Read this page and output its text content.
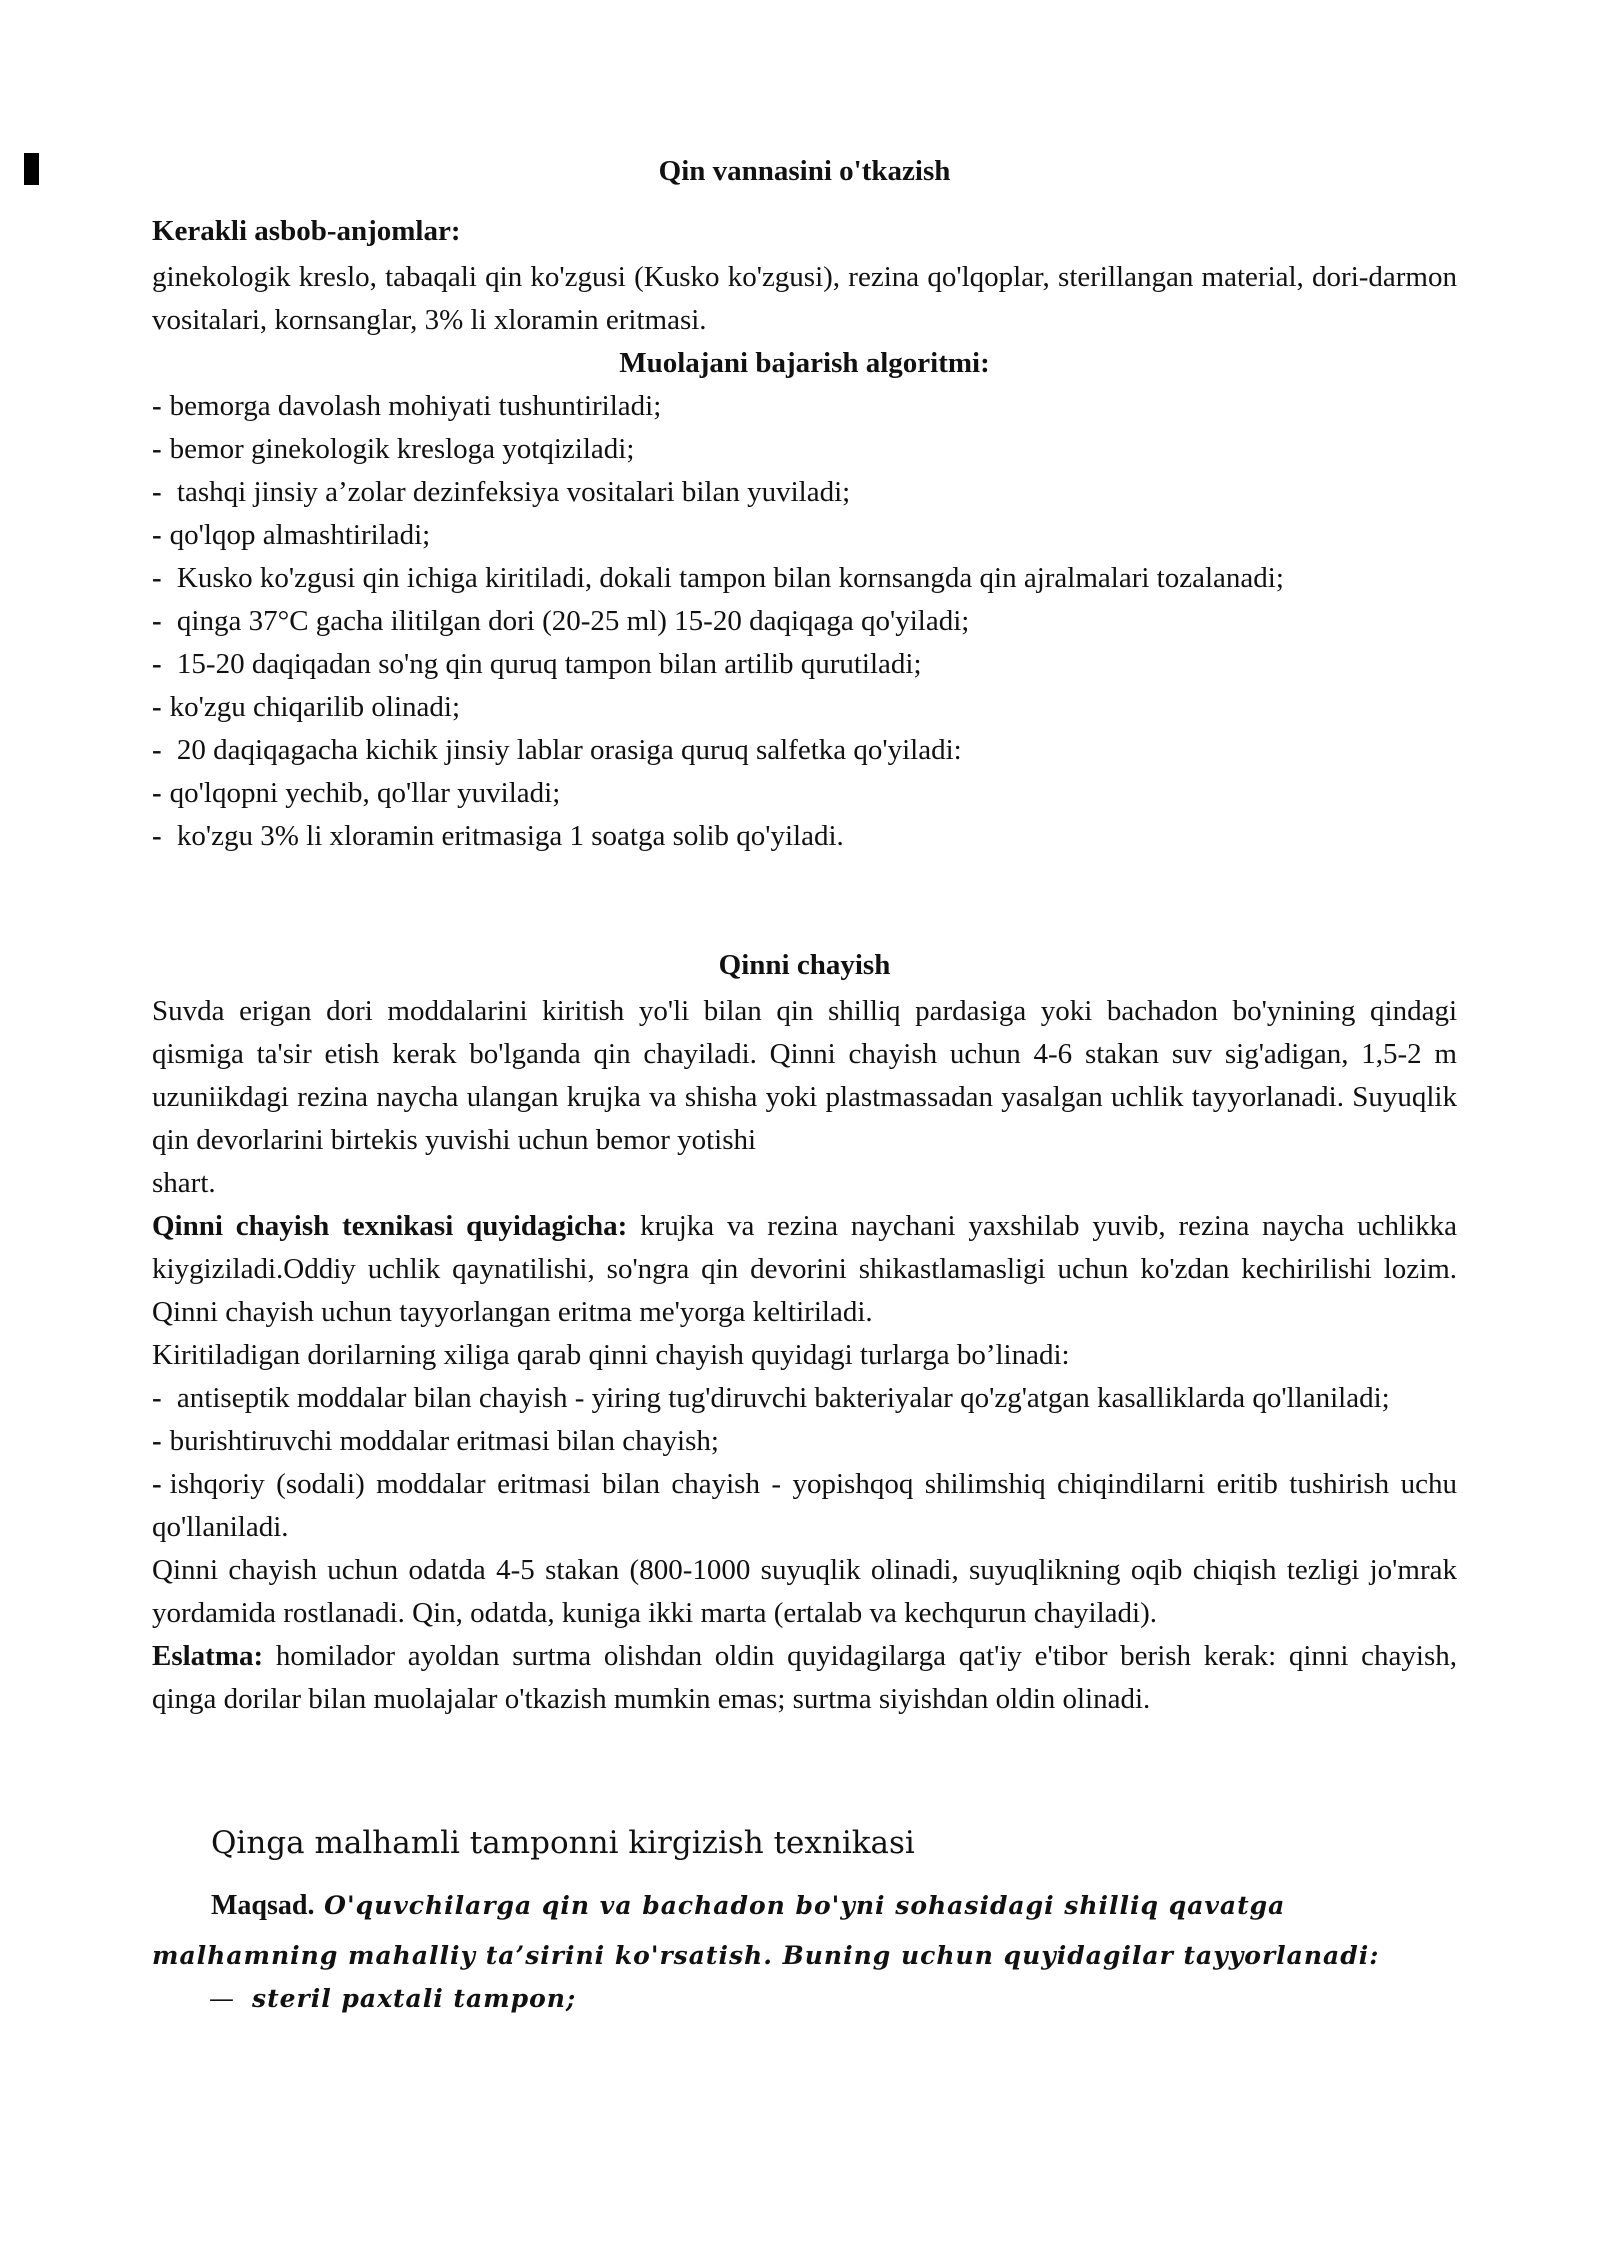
Qin vannasini o'tkazish
Kerakli asbob-anjomlar:

ginekologik kreslo, tabaqali qin ko'zgusi (Kusko ko'zgusi), rezina qo'lqoplar, sterillangan material, dori-darmon vositalari, kornsanglar, 3% li xloramin eritmasi.

Muolajani bajarish algoritmi:
- bemorga davolash mohiyati tushuntiriladi;
- bemor ginekologik kresloga yotqiziladi;
- tashqi jinsiy a’zolar dezinfeksiya vositalari bilan yuviladi;
- qo'lqop almashtiriladi;
- Kusko ko'zgusi qin ichiga kiritiladi, dokali tampon bilan kornsangda qin ajralmalari tozalanadi;
- qinga 37°C gacha ilitilgan dori (20-25 ml) 15-20 daqiqaga qo'yiladi;
- 15-20 daqiqadan so'ng qin quruq tampon bilan artilib qurutiladi;
- ko'zgu chiqarilib olinadi;
- 20 daqiqagacha kichik jinsiy lablar orasiga quruq salfetka qo'yiladi:
- qo'lqopni yechib, qo'llar yuviladi;
- ko'zgu 3% li xloramin eritmasiga 1 soatga solib qo'yiladi.
Qinni chayish

Suvda erigan dori moddalarini kiritish yo'li bilan qin shilliq pardasiga yoki bachadon bo'ynining qindagi qismiga ta'sir etish kerak bo'lganda qin chayiladi. Qinni chayish uchun 4-6 stakan suv sig'adigan, 1,5-2 m uzuniikdagi rezina naycha ulangan krujka va shisha yoki plastmassadan yasalgan uchlik tayyorlanadi. Suyuqlik qin devorlarini birtekis yuvishi uchun bemor yotishi

shart.

Qinni chayish texnikasi quyidagicha: krujka va rezina naychani yaxshilab yuvib, rezina naycha uchlikka kiygiziladi.Oddiy uchlik qaynatilishi, so'ngra qin devorini shikastlamasligi uchun ko'zdan kechirilishi lozim. Qinni chayish uchun tayyorlangan eritma me'yorga keltiriladi.

Kiritiladigan dorilarning xiliga qarab qinni chayish quyidagi turlarga bo’linadi:

- antiseptik moddalar bilan chayish - yiring tug'diruvchi bakteriyalar qo'zg'atgan kasalliklarda qo'llaniladi;

- burishtiruvchi moddalar eritmasi bilan chayish;

- ishqoriy (sodali) moddalar eritmasi bilan chayish - yopishqoq shilimshiq chiqindilarni eritib tushirish uchu qo'llaniladi.

Qinni chayish uchun odatda 4-5 stakan (800-1000 suyuqlik olinadi, suyuqlikning oqib chiqish tezligi jo'mrak yordamida rostlanadi. Qin, odatda, kuniga ikki marta (ertalab va kechqurun chayiladi).

Eslatma: homilador ayoldan surtma olishdan oldin quyidagilarga qat'iy e'tibor berish kerak: qinni chayish, qinga dorilar bilan muolajalar o'tkazish mumkin emas; surtma siyishdan oldin olinadi.

Qinga malhamli tamponni kirgizish texnikasi
Maqsad. O'quvchilarga qin va bachadon bo'yni sohasidagi shilliq qavatga malhamning mahalliy ta’sirini ko'rsatish. Buning uchun quyidagilar tayyorlanadi:
— steril paxtali tampon;
